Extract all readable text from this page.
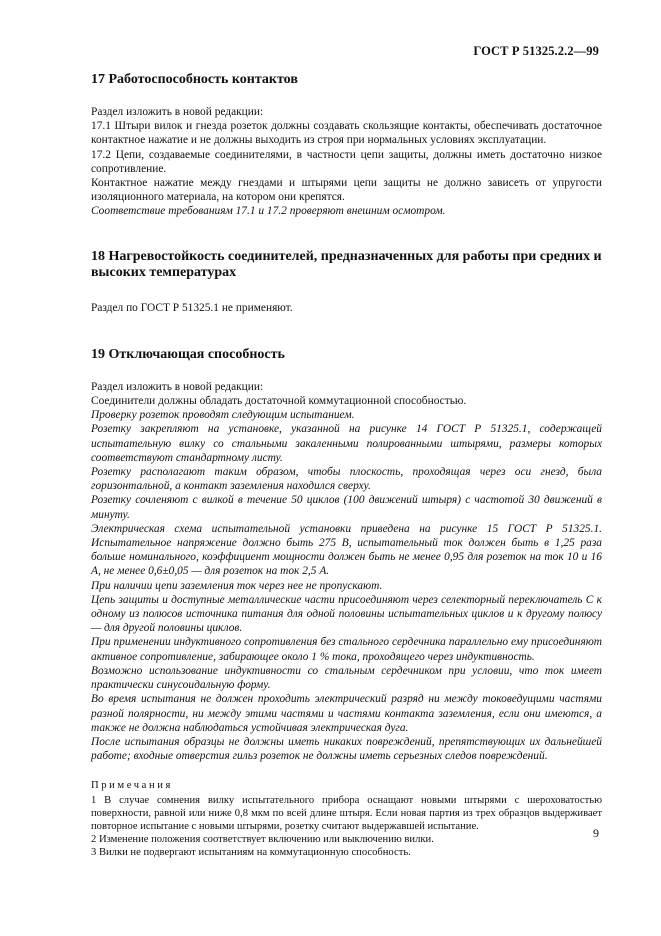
ГОСТ Р 51325.2.2—99
17 Работоспособность контактов

Раздел изложить в новой редакции:

17.1 Штыри вилок и гнезда розеток должны создавать скользящие контакты, обеспечивать достаточное контактное нажатие и не должны выходить из строя при нормальных условиях эксплуатации.

17.2 Цепи, создаваемые соединителями, в частности цепи защиты, должны иметь достаточно низкое сопротивление.

Контактное нажатие между гнездами и штырями цепи защиты не должно зависеть от упругости изоляционного материала, на котором они крепятся.

Соответствие требованиям 17.1 и 17.2 проверяют внешним осмотром.

18 Нагревостойкость соединителей, предназначенных для работы при средних и высоких температурах

Раздел по ГОСТ Р 51325.1 не применяют.

19 Отключающая способность

Раздел изложить в новой редакции:

Соединители должны обладать достаточной коммутационной способностью.

Проверку розеток проводят следующим испытанием.

Розетку закрепляют на установке, указанной на рисунке 14 ГОСТ Р 51325.1, содержащей испытательную вилку со стальными закаленными полированными штырями, размеры которых соответствуют стандартному листу.

Розетку располагают таким образом, чтобы плоскость, проходящая через оси гнезд, была горизонтальной, а контакт заземления находился сверху.

Розетку сочленяют с вилкой в течение 50 циклов (100 движений штыря) с частотой 30 движений в минуту.

Электрическая схема испытательной установки приведена на рисунке 15 ГОСТ Р 51325.1. Испытательное напряжение должно быть 275 В, испытательный ток должен быть в 1,25 раза больше номинального, коэффициент мощности должен быть не менее 0,95 для розеток на ток 10 и 16 А, не менее 0,6±0,05 — для розеток на ток 2,5 А.

При наличии цепи заземления ток через нее не пропускают.

Цепь защиты и доступные металлические части присоединяют через селекторный переключатель С к одному из полюсов источника питания для одной половины испытательных циклов и к другому полюсу — для другой половины циклов.

При применении индуктивного сопротивления без стального сердечника параллельно ему присоединяют активное сопротивление, забирающее около 1 % тока, проходящего через индуктивность.

Возможно использование индуктивности со стальным сердечником при условии, что ток имеет практически синусоидальную форму.

Во время испытания не должен проходить электрический разряд ни между токоведущими частями разной полярности, ни между этими частями и частями контакта заземления, если они имеются, а также не должна наблюдаться устойчивая электрическая дуга.

После испытания образцы не должны иметь никаких повреждений, препятствующих их дальнейшей работе; входные отверстия гильз розеток не должны иметь серьезных следов повреждений.

Примечания

1 В случае сомнения вилку испытательного прибора оснащают новыми штырями с шероховатостью поверхности, равной или ниже 0,8 мкм по всей длине штыря. Если новая партия из трех образцов выдерживает повторное испытание с новыми штырями, розетку считают выдержавшей испытание.

2 Изменение положения соответствует включению или выключению вилки.

3 Вилки не подвергают испытаниям на коммутационную способность.

9
